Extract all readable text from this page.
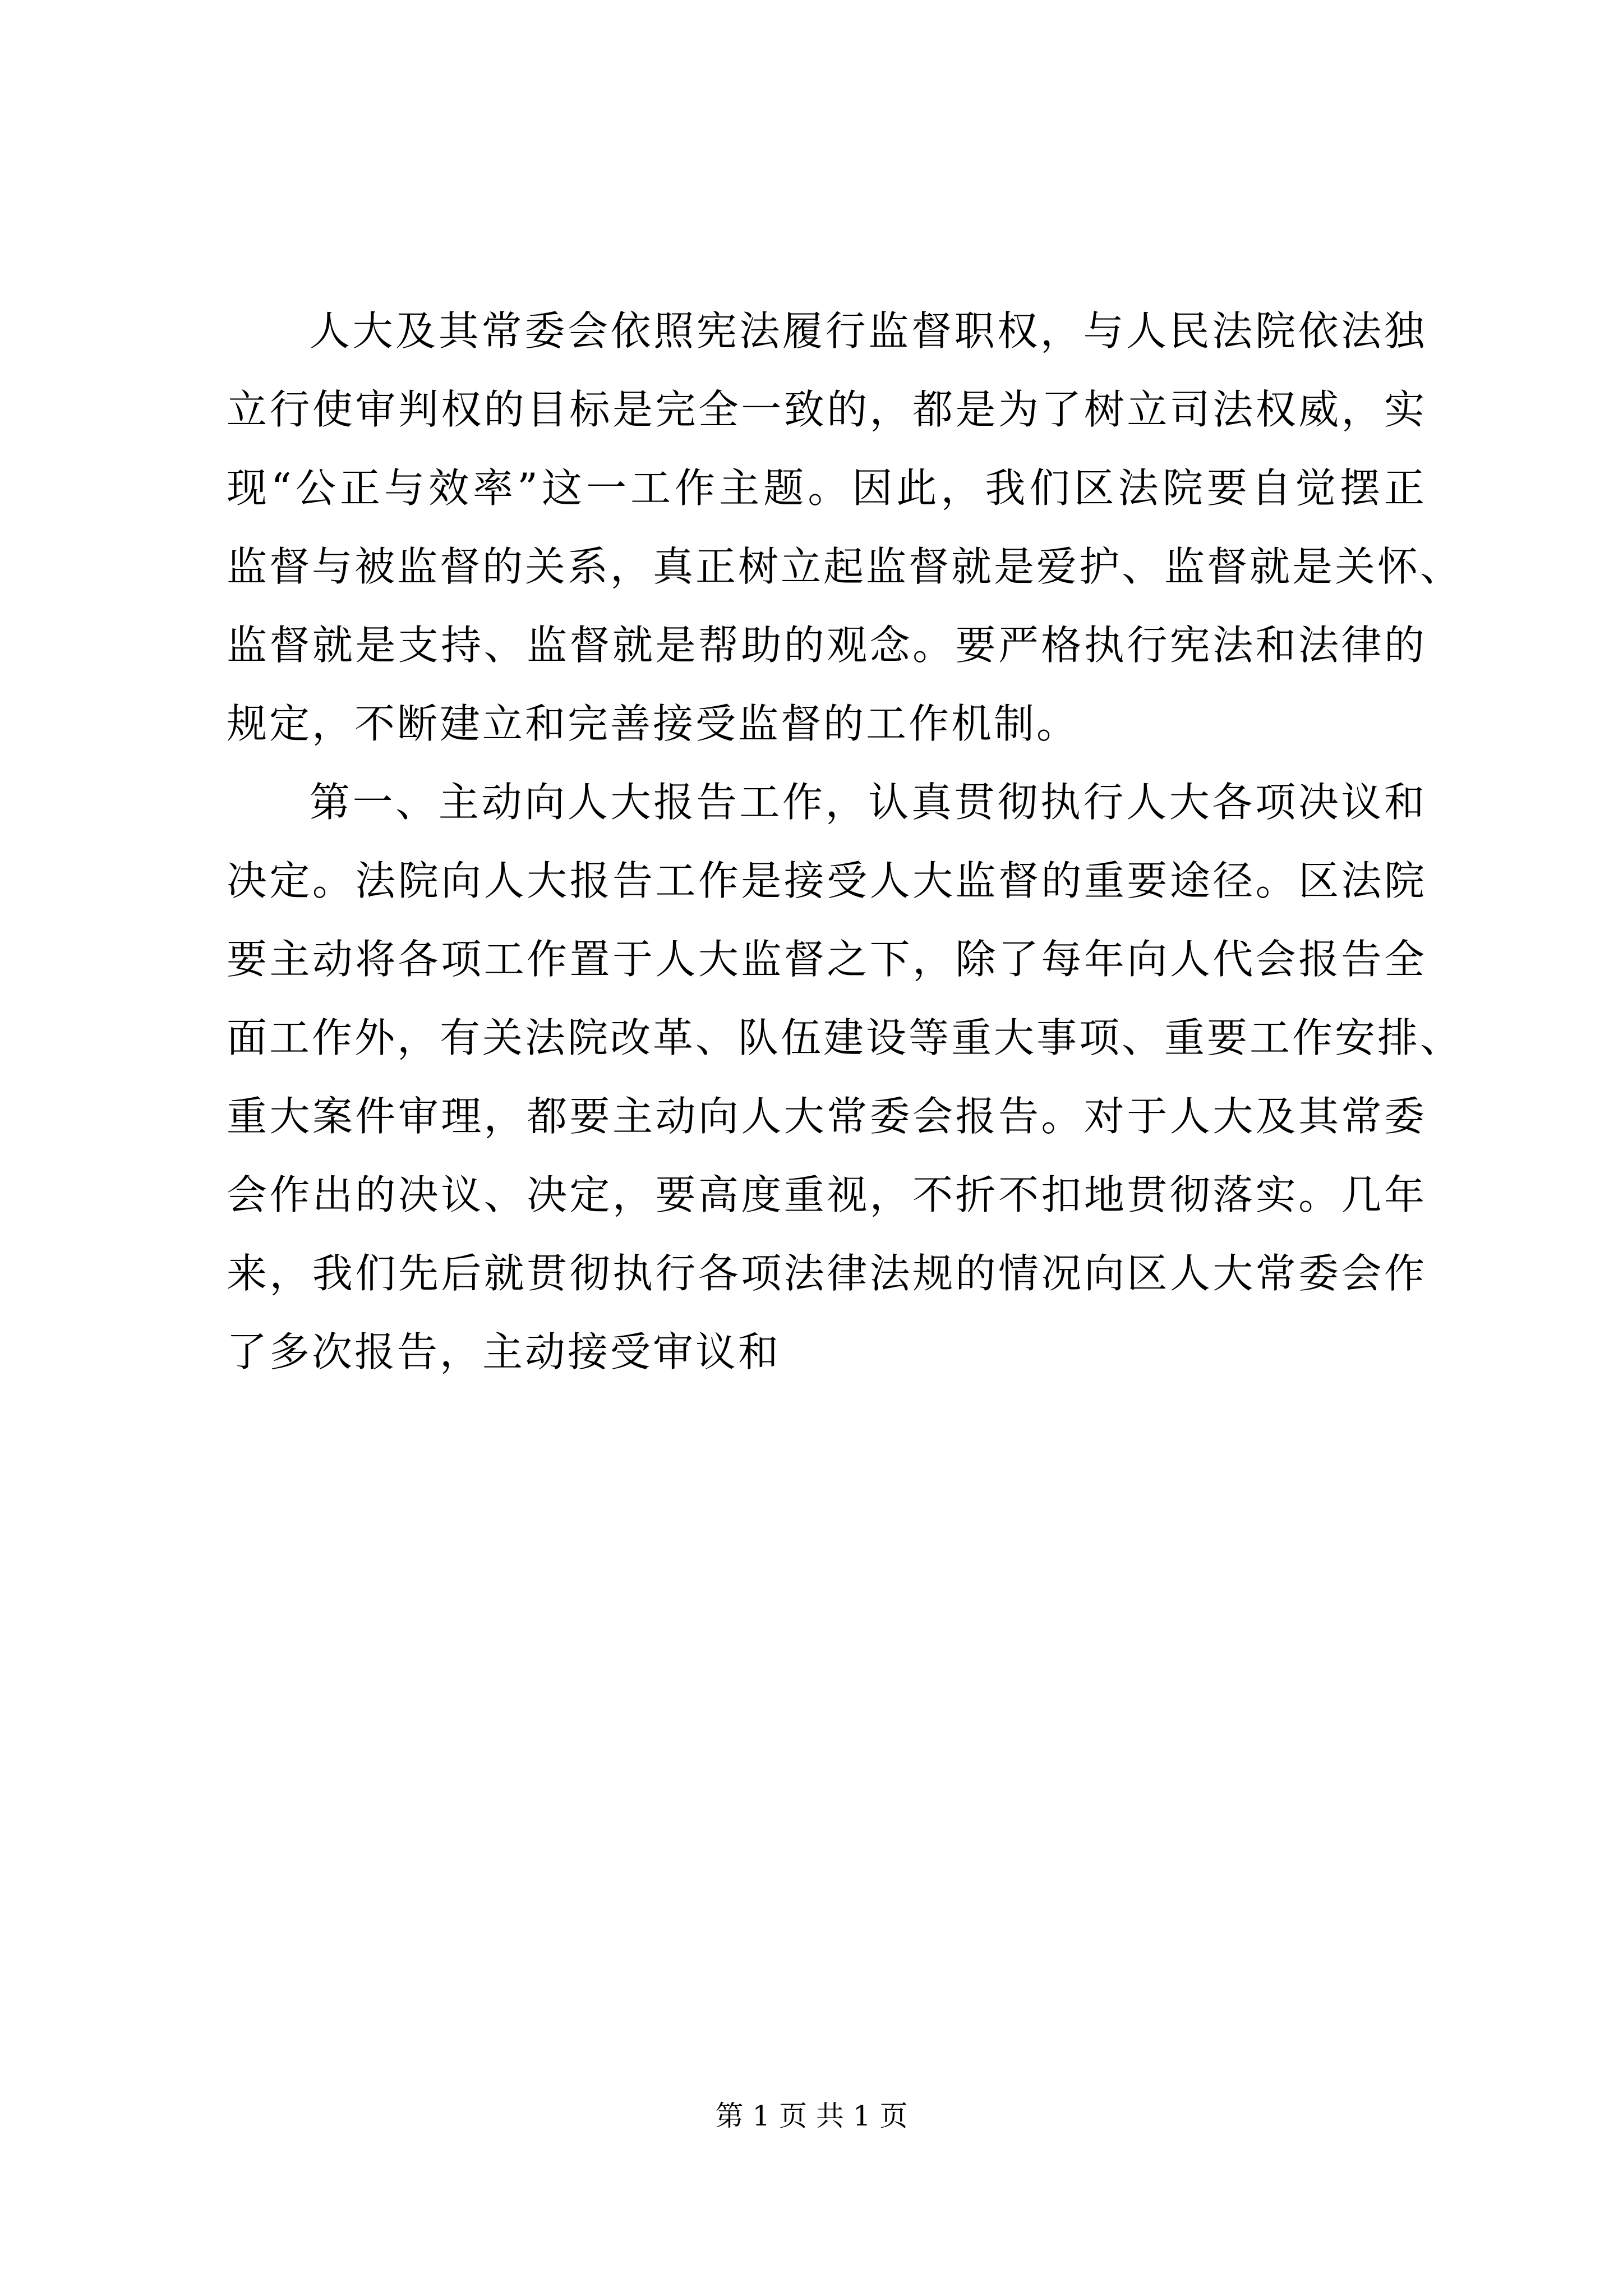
人大及其常委会依照宪法履行监督职权，与人民法院依法独
立行使审判权的目标是完全一致的，都是为了树立司法权威，实
现“公正与效率”这一工作主题。因此，我们区法院要自觉摆正
监督与被监督的关系，真正树立起监督就是爱护、监督就是关怀、
监督就是支持、监督就是帮助的观念。要严格执行宪法和法律的
规定，不断建立和完善接受监督的工作机制。
第一、主动向人大报告工作，认真贯彻执行人大各项决议和
决定。法院向人大报告工作是接受人大监督的重要途径。区法院
要主动将各项工作置于人大监督之下，除了每年向人代会报告全
面工作外，有关法院改革、队伍建设等重大事项、重要工作安排、
重大案件审理，都要主动向人大常委会报告。对于人大及其常委
会作出的决议、决定，要高度重视，不折不扣地贯彻落实。几年
来，我们先后就贯彻执行各项法律法规的情况向区人大常委会作
了多次报告，主动接受审议和
第 1 页 共 1 页
